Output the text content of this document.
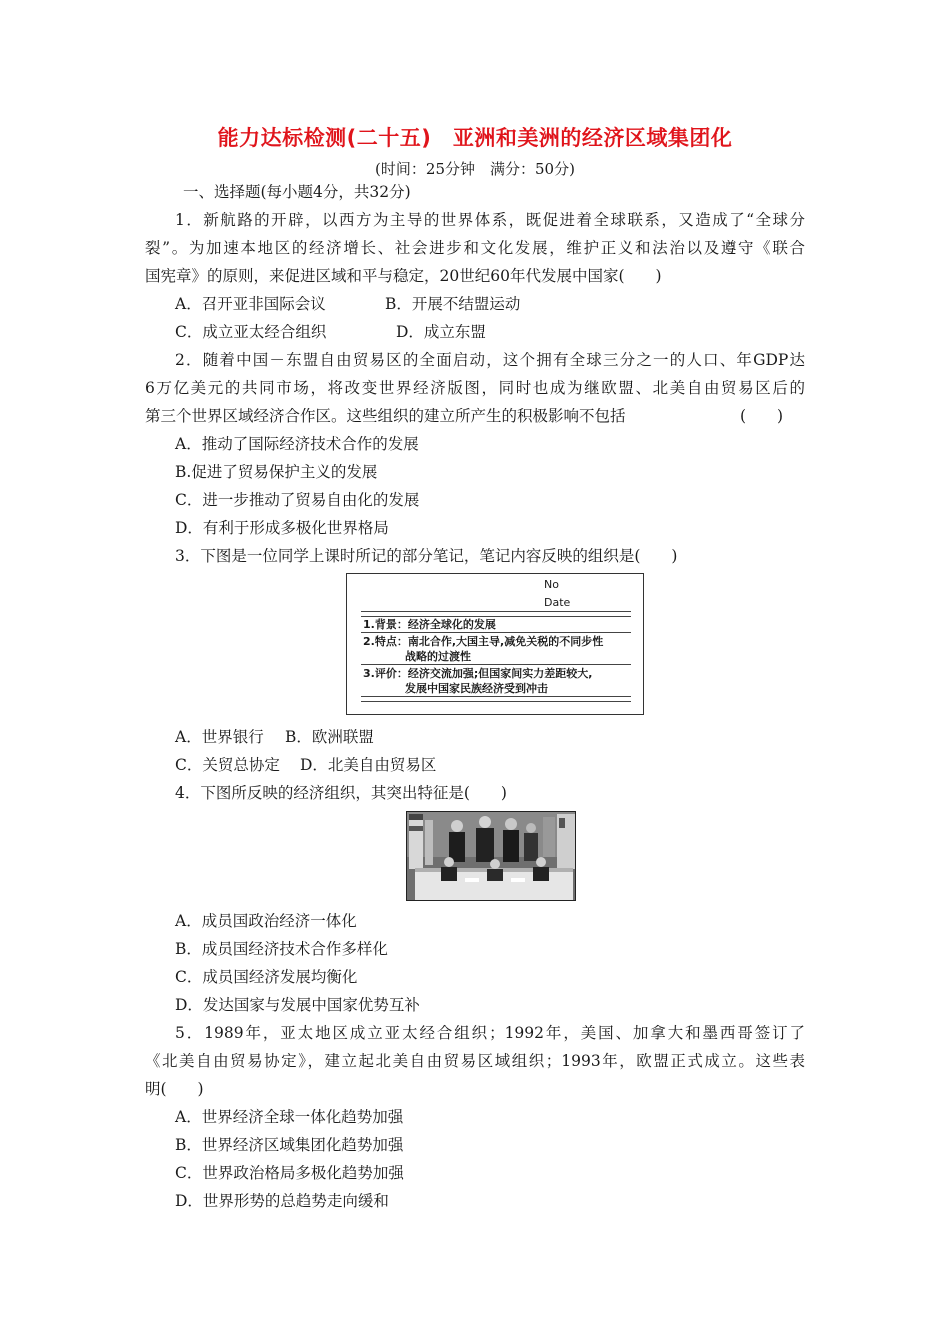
能力达标检测(二十五)　亚洲和美洲的经济区域集团化
(时间：25分钟　满分：50分)
一、选择题(每小题4分，共32分)
1．新航路的开辟，以西方为主导的世界体系，既促进着全球联系，又造成了“全球分
裂”。为加速本地区的经济增长、社会进步和文化发展，维护正义和法治以及遵守《联合
国宪章》的原则，来促进区域和平与稳定，20世纪60年代发展中国家(　　)
A．召开亚非国际会议	B．开展不结盟运动
C．成立亚太经合组织	D．成立东盟
2．随着中国－东盟自由贸易区的全面启动，这个拥有全球三分之一的人口、年GDP达
6万亿美元的共同市场，将改变世界经济版图，同时也成为继欧盟、北美自由贸易区后的
第三个世界区域经济合作区。这些组织的建立所产生的积极影响不包括	(　　)
A．推动了国际经济技术合作的发展
B.促进了贸易保护主义的发展
C．进一步推动了贸易自由化的发展
D．有利于形成多极化世界格局
3．下图是一位同学上课时所记的部分笔记，笔记内容反映的组织是(　　)
No
Date
1.背景：经济全球化的发展
2.特点：南北合作,大国主导,减免关税的不同步性
战略的过渡性
3.评价：经济交流加强;但国家间实力差距较大,
发展中国家民族经济受到冲击
A．世界银行 B．欧洲联盟
C．关贸总协定 D．北美自由贸易区
4．下图所反映的经济组织，其突出特征是(　　)
A．成员国政治经济一体化
B．成员国经济技术合作多样化
C．成员国经济发展均衡化
D．发达国家与发展中国家优势互补
5．1989年，亚太地区成立亚太经合组织；1992年，美国、加拿大和墨西哥签订了
《北美自由贸易协定》，建立起北美自由贸易区域组织；1993年，欧盟正式成立。这些表
明(　　)
A．世界经济全球一体化趋势加强
B．世界经济区域集团化趋势加强
C．世界政治格局多极化趋势加强
D．世界形势的总趋势走向缓和
